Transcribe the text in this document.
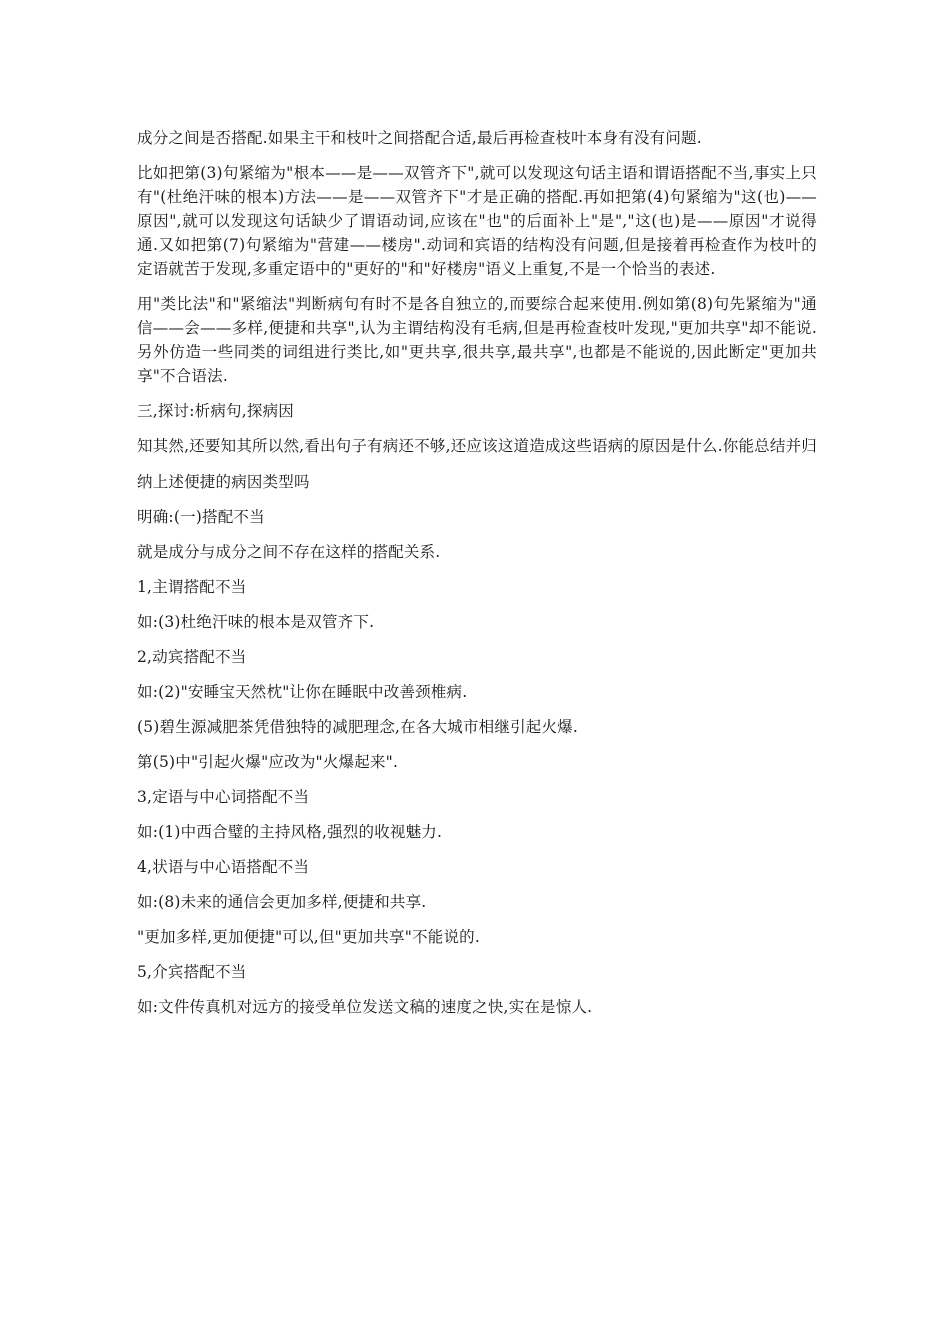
成分之间是否搭配.如果主干和枝叶之间搭配合适,最后再检查枝叶本身有没有问题.

比如把第(3)句紧缩为"根本——是——双管齐下",就可以发现这句话主语和谓语搭配不当,事实上只有"(杜绝汗味的根本)方法——是——双管齐下"才是正确的搭配.再如把第(4)句紧缩为"这(也)——原因",就可以发现这句话缺少了谓语动词,应该在"也"的后面补上"是","这(也)是——原因"才说得通.又如把第(7)句紧缩为"营建——楼房".动词和宾语的结构没有问题,但是接着再检查作为枝叶的定语就苦于发现,多重定语中的"更好的"和"好楼房"语义上重复,不是一个恰当的表述.

用"类比法"和"紧缩法"判断病句有时不是各自独立的,而要综合起来使用.例如第(8)句先紧缩为"通信——会——多样,便捷和共享",认为主谓结构没有毛病,但是再检查枝叶发现,"更加共享"却不能说.另外仿造一些同类的词组进行类比,如"更共享,很共享,最共享",也都是不能说的,因此断定"更加共享"不合语法.

三,探讨:析病句,探病因

知其然,还要知其所以然,看出句子有病还不够,还应该这道造成这些语病的原因是什么.你能总结并归纳上述便捷的病因类型吗

明确:(一)搭配不当

就是成分与成分之间不存在这样的搭配关系.

1,主谓搭配不当

如:(3)杜绝汗味的根本是双管齐下.

2,动宾搭配不当

如:(2)"安睡宝天然枕"让你在睡眠中改善颈椎病.

(5)碧生源减肥茶凭借独特的减肥理念,在各大城市相继引起火爆.

第(5)中"引起火爆"应改为"火爆起来".

3,定语与中心词搭配不当

如:(1)中西合璧的主持风格,强烈的收视魅力.

4,状语与中心语搭配不当

如:(8)未来的通信会更加多样,便捷和共享.

"更加多样,更加便捷"可以,但"更加共享"不能说的.

5,介宾搭配不当

如:文件传真机对远方的接受单位发送文稿的速度之快,实在是惊人.
